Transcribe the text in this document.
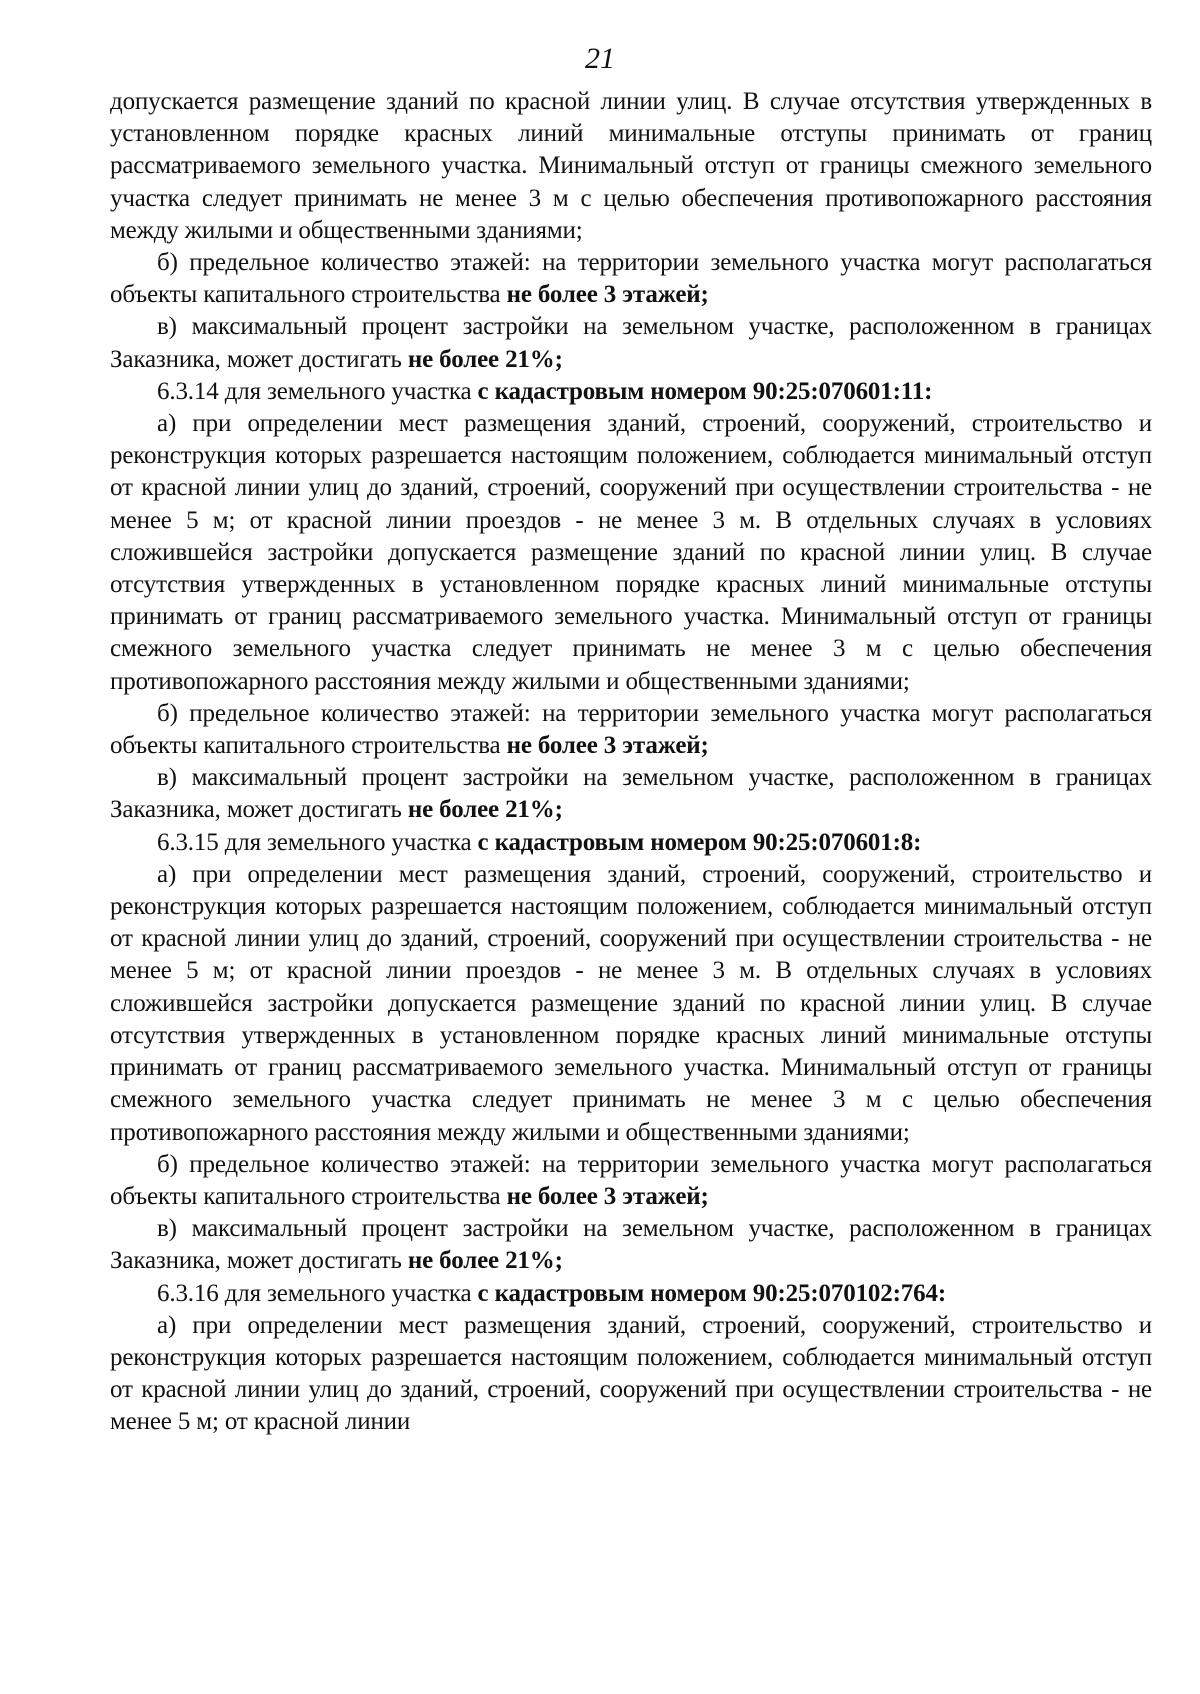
21

допускается размещение зданий по красной линии улиц. В случае отсутствия утвержденных в установленном порядке красных линий минимальные отступы принимать от границ рассматриваемого земельного участка. Минимальный отступ от границы смежного земельного участка следует принимать не менее 3 м с целью обеспечения противопожарного расстояния между жилыми и общественными зданиями;

б) предельное количество этажей: на территории земельного участка могут располагаться объекты капитального строительства не более 3 этажей;

в) максимальный процент застройки на земельном участке, расположенном в границах Заказника, может достигать не более 21%;

6.3.14 для земельного участка с кадастровым номером 90:25:070601:11:

а) при определении мест размещения зданий, строений, сооружений, строительство и реконструкция которых разрешается настоящим положением, соблюдается минимальный отступ от красной линии улиц до зданий, строений, сооружений при осуществлении строительства - не менее 5 м; от красной линии проездов - не менее 3 м. В отдельных случаях в условиях сложившейся застройки допускается размещение зданий по красной линии улиц. В случае отсутствия утвержденных в установленном порядке красных линий минимальные отступы принимать от границ рассматриваемого земельного участка. Минимальный отступ от границы смежного земельного участка следует принимать не менее 3 м с целью обеспечения противопожарного расстояния между жилыми и общественными зданиями;

б) предельное количество этажей: на территории земельного участка могут располагаться объекты капитального строительства не более 3 этажей;

в) максимальный процент застройки на земельном участке, расположенном в границах Заказника, может достигать не более 21%;

6.3.15 для земельного участка с кадастровым номером 90:25:070601:8:

а) при определении мест размещения зданий, строений, сооружений, строительство и реконструкция которых разрешается настоящим положением, соблюдается минимальный отступ от красной линии улиц до зданий, строений, сооружений при осуществлении строительства - не менее 5 м; от красной линии проездов - не менее 3 м. В отдельных случаях в условиях сложившейся застройки допускается размещение зданий по красной линии улиц. В случае отсутствия утвержденных в установленном порядке красных линий минимальные отступы принимать от границ рассматриваемого земельного участка. Минимальный отступ от границы смежного земельного участка следует принимать не менее 3 м с целью обеспечения противопожарного расстояния между жилыми и общественными зданиями;

б) предельное количество этажей: на территории земельного участка могут располагаться объекты капитального строительства не более 3 этажей;

в) максимальный процент застройки на земельном участке, расположенном в границах Заказника, может достигать не более 21%;

6.3.16 для земельного участка с кадастровым номером 90:25:070102:764:

а) при определении мест размещения зданий, строений, сооружений, строительство и реконструкция которых разрешается настоящим положением, соблюдается минимальный отступ от красной линии улиц до зданий, строений, сооружений при осуществлении строительства - не менее 5 м; от красной линии
